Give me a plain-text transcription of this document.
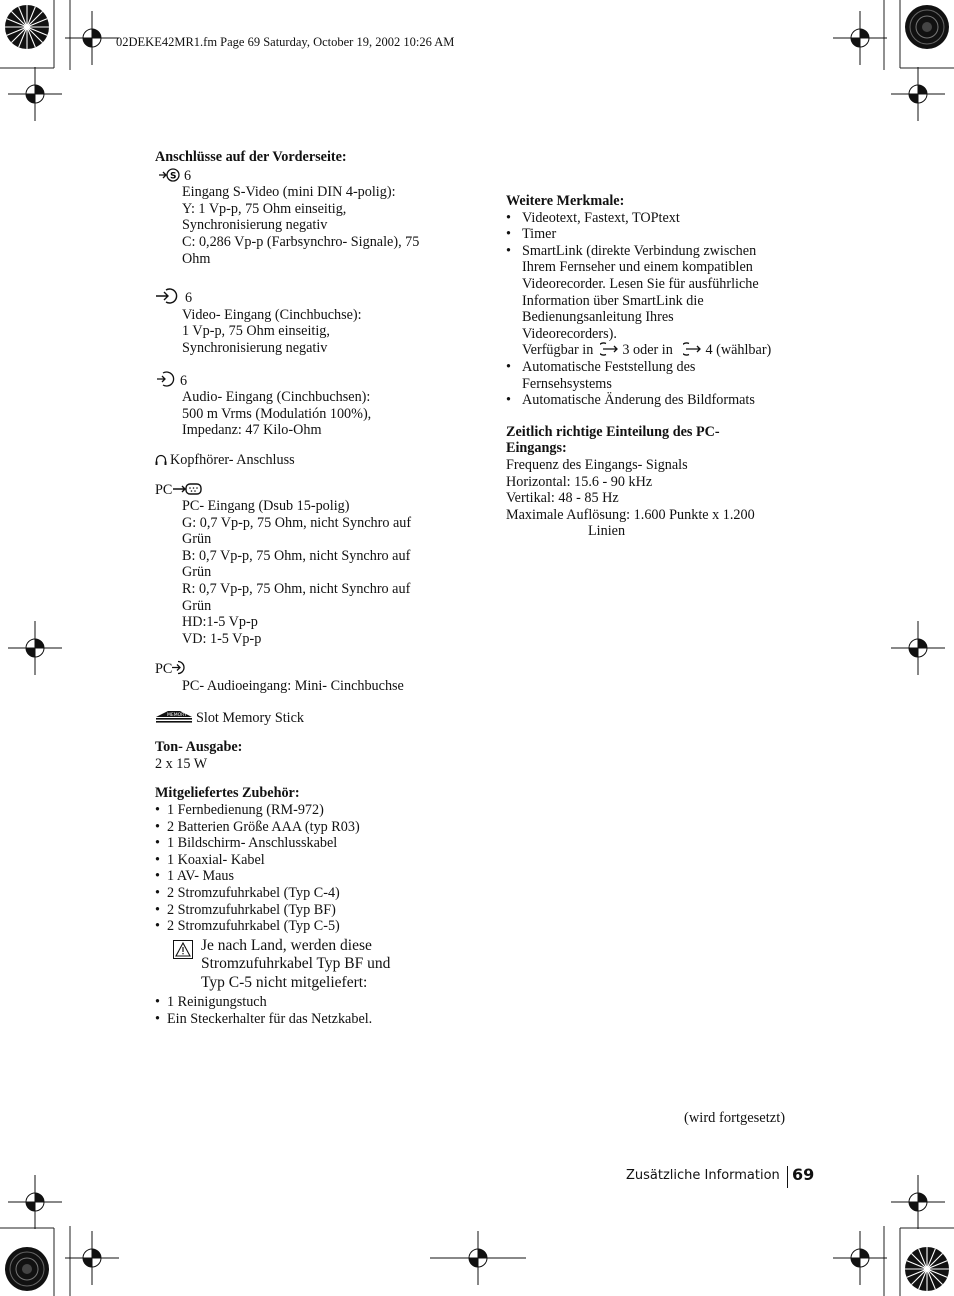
02DEKE42MR1.fm Page 69 Saturday, October 19, 2002 10:26 AM

Anschlüsse auf der Vorderseite:

S 6

Eingang S-Video (mini DIN 4-polig):

Y: 1 Vp-p, 75 Ohm einseitig,

Synchronisierung negativ

C: 0,286 Vp-p (Farbsynchro- Signale), 75

Ohm

6

Video- Eingang (Cinchbuchse):

1 Vp-p, 75 Ohm einseitig,

Synchronisierung negativ

6

Audio- Eingang (Cinchbuchsen):

500 m Vrms (Modulatión 100%),

Impedanz: 47 Kilo-Ohm

Kopfhörer- Anschluss

PC

PC- Eingang (Dsub 15-polig)

G: 0,7 Vp-p, 75 Ohm, nicht Synchro auf

Grün

B: 0,7 Vp-p, 75 Ohm, nicht Synchro auf

Grün

R: 0,7 Vp-p, 75 Ohm, nicht Synchro auf

Grün

HD:1-5 Vp-p

VD: 1-5 Vp-p

PC

PC- Audioeingang: Mini- Cinchbuchse

MEMORY Slot Memory Stick

Ton- Ausgabe:

2 x 15 W

Mitgeliefertes Zubehör:

• 1 Fernbedienung (RM-972)
• 2 Batterien Größe AAA (typ R03)
• 1 Bildschirm- Anschlusskabel
• 1 Koaxial- Kabel
• 1 AV- Maus
• 2 Stromzufuhrkabel (Typ C-4)
• 2 Stromzufuhrkabel (Typ BF)
• 2 Stromzufuhrkabel (Typ C-5)

Je nach Land, werden diese

Stromzufuhrkabel Typ BF und

Typ C-5 nicht mitgeliefert:

• 1 Reinigungstuch
• Ein Steckerhalter für das Netzkabel.

Weitere Merkmale:

• Videotext, Fastext, TOPtext
• Timer
• SmartLink (direkte Verbindung zwischen

Ihrem Fernseher und einem kompatiblen

Videorecorder. Lesen Sie für ausführliche

Information über SmartLink die

Bedienungsanleitung Ihres

Videorecorders).

Verfügbar in 3 oder in 4 (wählbar)

• Automatische Feststellung des

Fernsehsystems

• Automatische Änderung des Bildformats

Zeitlich richtige Einteilung des PC-

Eingangs:

Frequenz des Eingangs- Signals

Horizontal: 15.6 - 90 kHz

Vertikal: 48 - 85 Hz

Maximale Auflösung: 1.600 Punkte x 1.200

Linien

(wird fortgesetzt)
Zusätzliche Information 69
